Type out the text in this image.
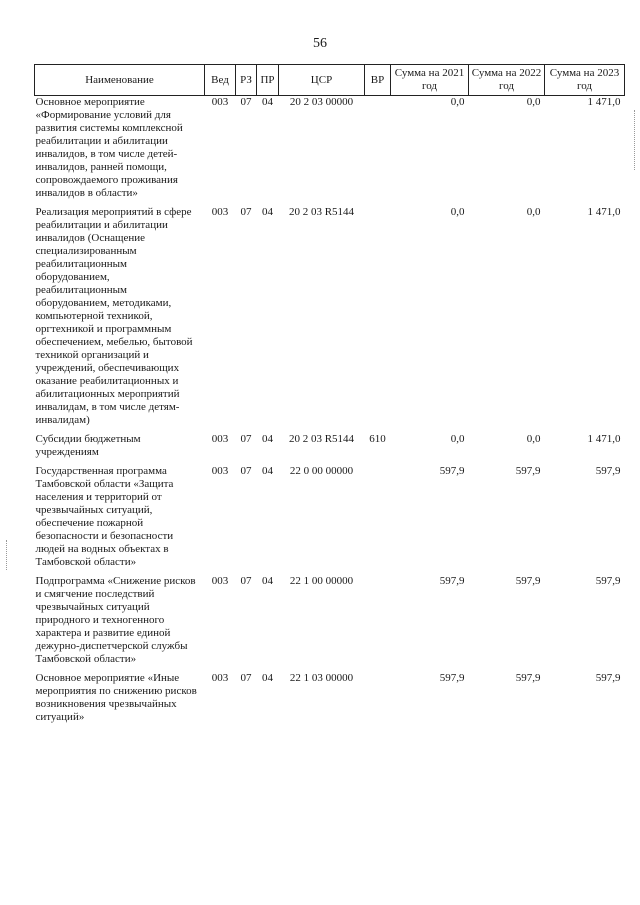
56
Наименование	Вед	РЗ	ПР	ЦСР	ВР	Сумма на 2021 год	Сумма на 2022 год	Сумма на 2023 год
Основное мероприятие «Формирование условий для развития системы комплексной реабилитации и абилитации инвалидов, в том числе детей-инвалидов, ранней помощи, сопровождаемого проживания инвалидов в области»	003	07	04	20 2 03 00000		0,0	0,0	1 471,0
Реализация мероприятий в сфере реабилитации и абилитации инвалидов (Оснащение специализированным реабилитационным оборудованием, реабилитационным оборудованием, методиками, компьютерной техникой, оргтехникой и программным обеспечением, мебелью, бытовой техникой организаций и учреждений, обеспечивающих оказание реабилитационных и абилитационных мероприятий инвалидам, в том числе детям-инвалидам)	003	07	04	20 2 03 R5144		0,0	0,0	1 471,0
Субсидии бюджетным учреждениям	003	07	04	20 2 03 R5144	610	0,0	0,0	1 471,0
Государственная программа Тамбовской области «Защита населения и территорий от чрезвычайных ситуаций, обеспечение пожарной безопасности и безопасности людей на водных объектах в Тамбовской области»	003	07	04	22 0 00 00000		597,9	597,9	597,9
Подпрограмма «Снижение рисков и смягчение последствий чрезвычайных ситуаций природного и техногенного характера и развитие единой дежурно-диспетчерской службы Тамбовской области»	003	07	04	22 1 00 00000		597,9	597,9	597,9
Основное мероприятие «Иные мероприятия по снижению рисков возникновения чрезвычайных ситуаций»	003	07	04	22 1 03 00000		597,9	597,9	597,9
